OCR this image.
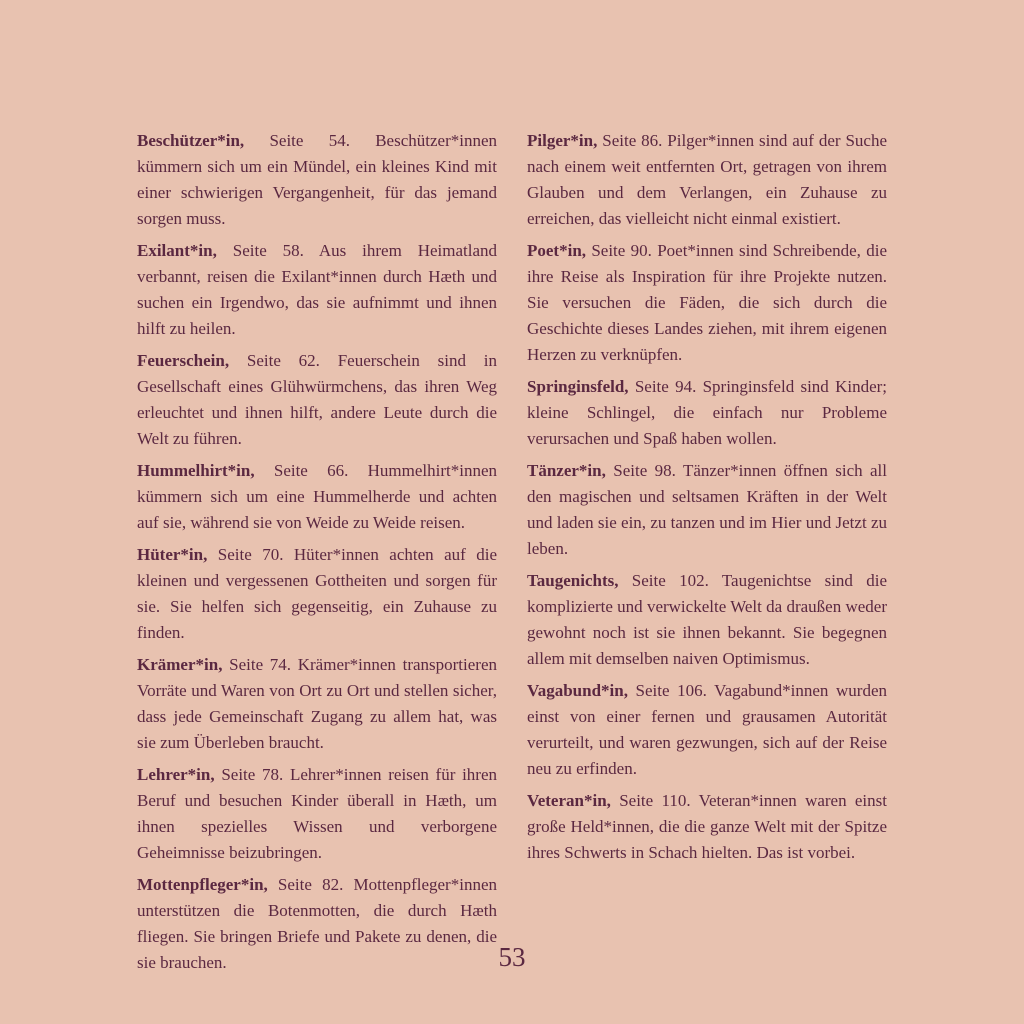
Beschützer*in, Seite 54. Beschützer*innen kümmern sich um ein Mündel, ein kleines Kind mit einer schwierigen Vergangenheit, für das jemand sorgen muss.

Exilant*in, Seite 58. Aus ihrem Heimatland verbannt, reisen die Exilant*innen durch Hæth und suchen ein Irgendwo, das sie aufnimmt und ihnen hilft zu heilen.

Feuerschein, Seite 62. Feuerschein sind in Gesellschaft eines Glühwürmchens, das ihren Weg erleuchtet und ihnen hilft, andere Leute durch die Welt zu führen.

Hummelhirt*in, Seite 66. Hummelhirt*innen kümmern sich um eine Hummelherde und achten auf sie, während sie von Weide zu Weide reisen.

Hüter*in, Seite 70. Hüter*innen achten auf die kleinen und vergessenen Gottheiten und sorgen für sie. Sie helfen sich gegenseitig, ein Zuhause zu finden.

Krämer*in, Seite 74. Krämer*innen transportieren Vorräte und Waren von Ort zu Ort und stellen sicher, dass jede Gemeinschaft Zugang zu allem hat, was sie zum Überleben braucht.

Lehrer*in, Seite 78. Lehrer*innen reisen für ihren Beruf und besuchen Kinder überall in Hæth, um ihnen spezielles Wissen und verborgene Geheimnisse beizubringen.

Mottenpfleger*in, Seite 82. Mottenpfleger*innen unterstützen die Botenmotten, die durch Hæth fliegen. Sie bringen Briefe und Pakete zu denen, die sie brauchen.

Pilger*in, Seite 86. Pilger*innen sind auf der Suche nach einem weit entfernten Ort, getragen von ihrem Glauben und dem Verlangen, ein Zuhause zu erreichen, das vielleicht nicht einmal existiert.

Poet*in, Seite 90. Poet*innen sind Schreibende, die ihre Reise als Inspiration für ihre Projekte nutzen. Sie versuchen die Fäden, die sich durch die Geschichte dieses Landes ziehen, mit ihrem eigenen Herzen zu verknüpfen.

Springinsfeld, Seite 94. Springinsfeld sind Kinder; kleine Schlingel, die einfach nur Probleme verursachen und Spaß haben wollen.

Tänzer*in, Seite 98. Tänzer*innen öffnen sich all den magischen und seltsamen Kräften in der Welt und laden sie ein, zu tanzen und im Hier und Jetzt zu leben.

Taugenichts, Seite 102. Taugenichtse sind die komplizierte und verwickelte Welt da draußen weder gewohnt noch ist sie ihnen bekannt. Sie begegnen allem mit demselben naiven Optimismus.

Vagabund*in, Seite 106. Vagabund*innen wurden einst von einer fernen und grausamen Autorität verurteilt, und waren gezwungen, sich auf der Reise neu zu erfinden.

Veteran*in, Seite 110. Veteran*innen waren einst große Held*innen, die die ganze Welt mit der Spitze ihres Schwerts in Schach hielten. Das ist vorbei.

53
